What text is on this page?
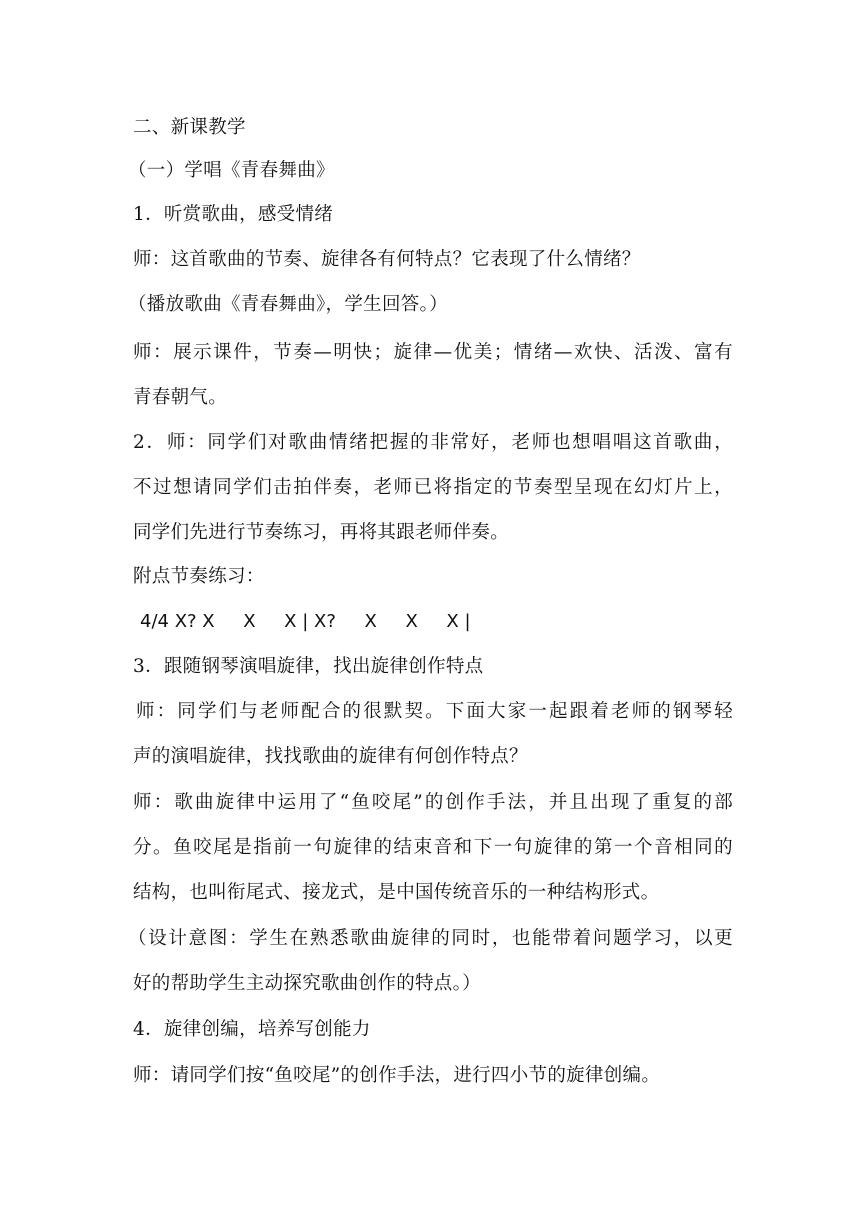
二、新课教学
（一）学唱《青春舞曲》
1．听赏歌曲，感受情绪
师：这首歌曲的节奏、旋律各有何特点？它表现了什么情绪？
（播放歌曲《青春舞曲》，学生回答。）
师：展示课件，节奏—明快；旋律—优美；情绪—欢快、活泼、富有
青春朝气。
2．师：同学们对歌曲情绪把握的非常好，老师也想唱唱这首歌曲，
不过想请同学们击拍伴奏，老师已将指定的节奏型呈现在幻灯片上，
同学们先进行节奏练习，再将其跟老师伴奏。
附点节奏练习：
4/4 X? X     X     X | X?     X     X     X |
3．跟随钢琴演唱旋律，找出旋律创作特点
师：同学们与老师配合的很默契。下面大家一起跟着老师的钢琴轻
声的演唱旋律，找找歌曲的旋律有何创作特点？
师：歌曲旋律中运用了“鱼咬尾”的创作手法，并且出现了重复的部
分。鱼咬尾是指前一句旋律的结束音和下一句旋律的第一个音相同的
结构，也叫衔尾式、接龙式，是中国传统音乐的一种结构形式。
（设计意图：学生在熟悉歌曲旋律的同时，也能带着问题学习，以更
好的帮助学生主动探究歌曲创作的特点。）
4．旋律创编，培养写创能力
师：请同学们按“鱼咬尾”的创作手法，进行四小节的旋律创编。
